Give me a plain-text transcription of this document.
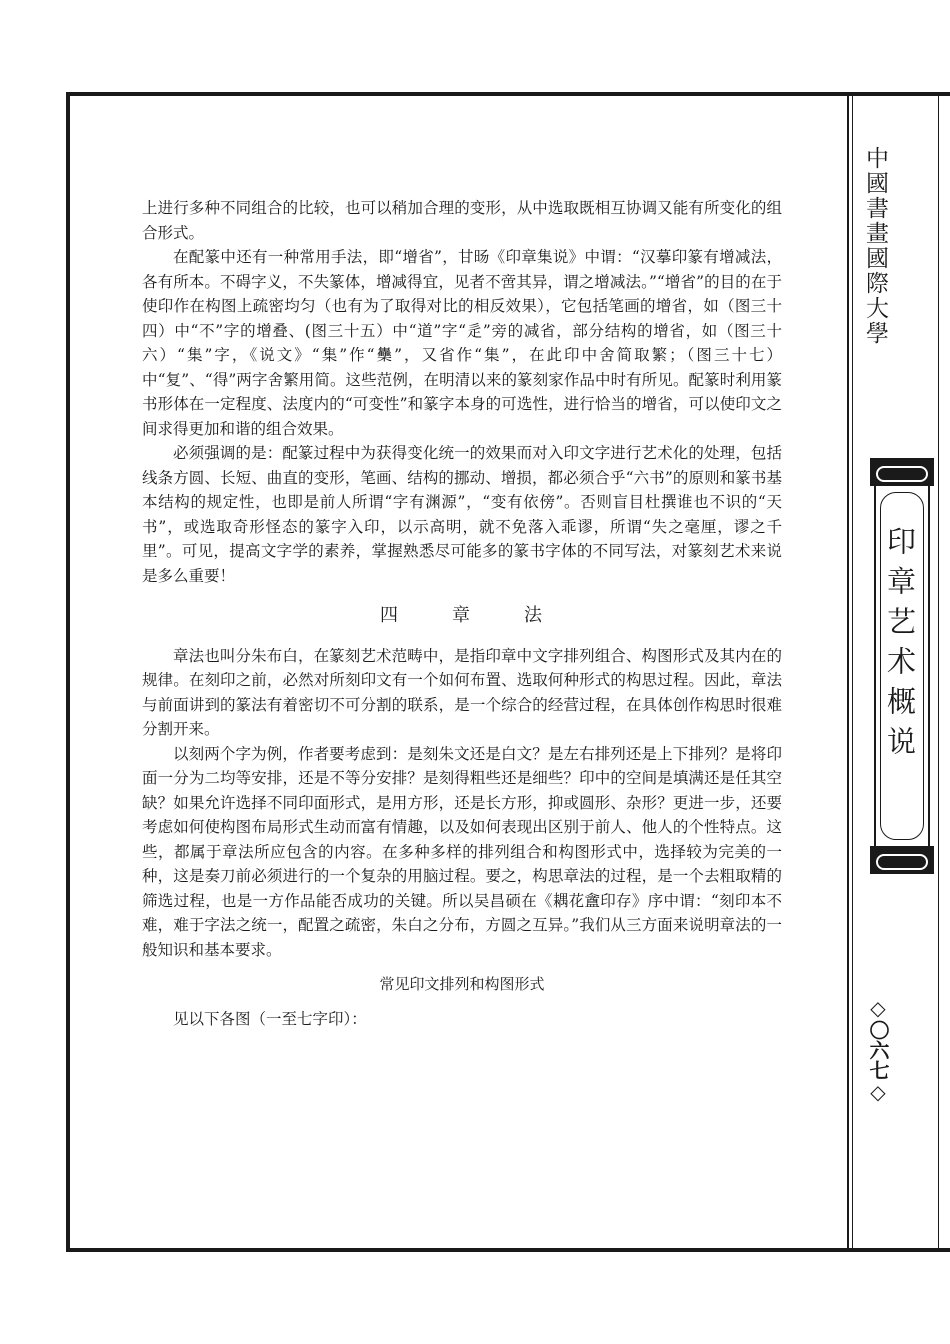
中國書畫國際大學
印章艺术概说
◇〇六七◇

上进行多种不同组合的比较，也可以稍加合理的变形，从中选取既相互协调又能有所变化的组合形式。

在配篆中还有一种常用手法，即“增省”，甘旸《印章集说》中谓：“汉摹印篆有增减法，各有所本。不碍字义，不失篆体，增减得宜，见者不啻其异，谓之增减法。”“增省”的目的在于使印作在构图上疏密均匀（也有为了取得对比的相反效果），它包括笔画的增省，如（图三十四）中“不”字的增叠、(图三十五）中“道”字“辵”旁的减省，部分结构的增省，如（图三十六）“集”字，《说文》“集”作“雧”，又省作“集”，在此印中舍简取繁；（图三十七）中“复”、“得”两字舍繁用简。这些范例，在明清以来的篆刻家作品中时有所见。配篆时利用篆书形体在一定程度、法度内的“可变性”和篆字本身的可选性，进行恰当的增省，可以使印文之间求得更加和谐的组合效果。

必须强调的是：配篆过程中为获得变化统一的效果而对入印文字进行艺术化的处理，包括线条方圆、长短、曲直的变形，笔画、结构的挪动、增损，都必须合乎“六书”的原则和篆书基本结构的规定性，也即是前人所谓“字有渊源”，“变有依傍”。否则盲目杜撰谁也不识的“天书”，或选取奇形怪态的篆字入印，以示高明，就不免落入乖谬，所谓“失之毫厘，谬之千里”。可见，提高文字学的素养，掌握熟悉尽可能多的篆书字体的不同写法，对篆刻艺术来说是多么重要！

四	章	法

章法也叫分朱布白，在篆刻艺术范畴中，是指印章中文字排列组合、构图形式及其内在的规律。在刻印之前，必然对所刻印文有一个如何布置、选取何种形式的构思过程。因此，章法与前面讲到的篆法有着密切不可分割的联系，是一个综合的经营过程，在具体创作构思时很难分割开来。

以刻两个字为例，作者要考虑到：是刻朱文还是白文？是左右排列还是上下排列？是将印面一分为二均等安排，还是不等分安排？是刻得粗些还是细些？印中的空间是填满还是任其空缺？如果允许选择不同印面形式，是用方形，还是长方形，抑或圆形、杂形？更进一步，还要考虑如何使构图布局形式生动而富有情趣，以及如何表现出区别于前人、他人的个性特点。这些，都属于章法所应包含的内容。在多种多样的排列组合和构图形式中，选择较为完美的一种，这是奏刀前必须进行的一个复杂的用脑过程。要之，构思章法的过程，是一个去粗取精的筛选过程，也是一方作品能否成功的关键。所以吴昌硕在《耦花盦印存》序中谓：“刻印本不难，难于字法之统一，配置之疏密，朱白之分布，方圆之互异。”我们从三方面来说明章法的一般知识和基本要求。

常见印文排列和构图形式

见以下各图（一至七字印）：
